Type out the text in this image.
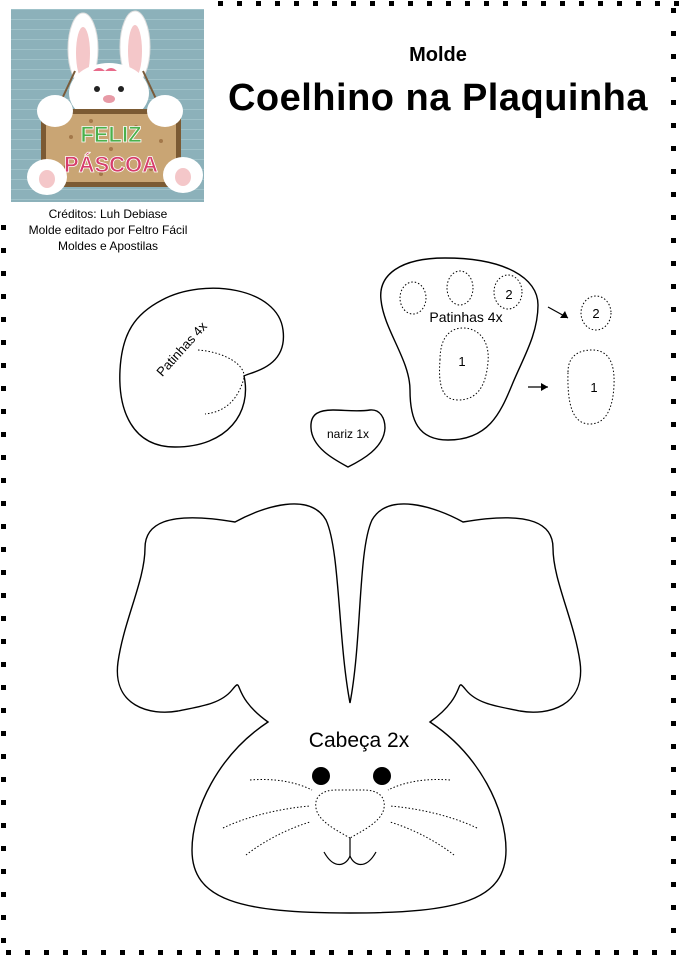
FELIZ
PÁSCOA
Créditos: Luh Debiase
Molde editado por Feltro Fácil
Moldes e Apostilas
Molde
Coelhino na Plaquinha
Patinhas 4x
Patinhas 4x
2
1
2
1
nariz 1x
Cabeça 2x
